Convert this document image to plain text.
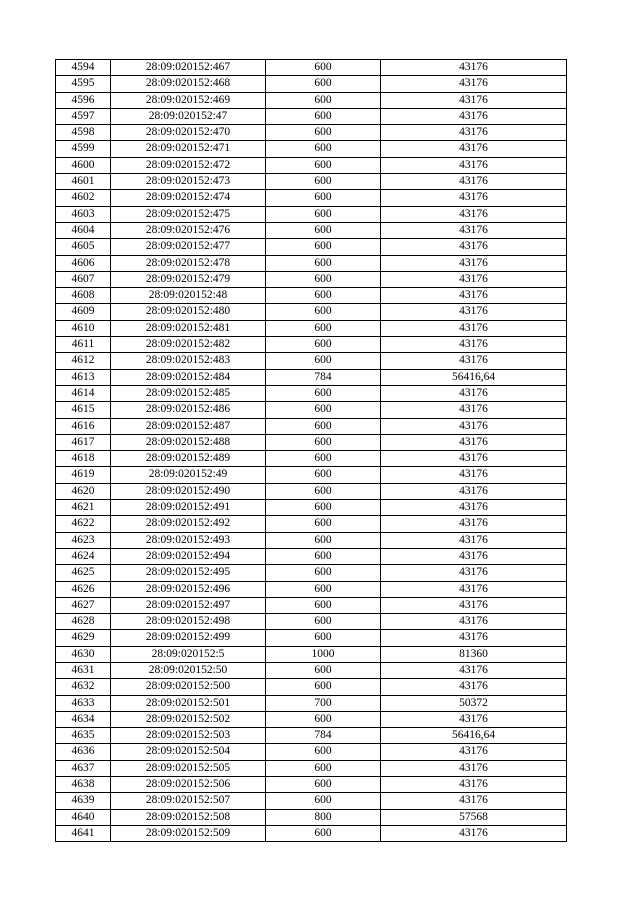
4594	28:09:020152:467	600	43176
4595	28:09:020152:468	600	43176
4596	28:09:020152:469	600	43176
4597	28:09:020152:47	600	43176
4598	28:09:020152:470	600	43176
4599	28:09:020152:471	600	43176
4600	28:09:020152:472	600	43176
4601	28:09:020152:473	600	43176
4602	28:09:020152:474	600	43176
4603	28:09:020152:475	600	43176
4604	28:09:020152:476	600	43176
4605	28:09:020152:477	600	43176
4606	28:09:020152:478	600	43176
4607	28:09:020152:479	600	43176
4608	28:09:020152:48	600	43176
4609	28:09:020152:480	600	43176
4610	28:09:020152:481	600	43176
4611	28:09:020152:482	600	43176
4612	28:09:020152:483	600	43176
4613	28:09:020152:484	784	56416,64
4614	28:09:020152:485	600	43176
4615	28:09:020152:486	600	43176
4616	28:09:020152:487	600	43176
4617	28:09:020152:488	600	43176
4618	28:09:020152:489	600	43176
4619	28:09:020152:49	600	43176
4620	28:09:020152:490	600	43176
4621	28:09:020152:491	600	43176
4622	28:09:020152:492	600	43176
4623	28:09:020152:493	600	43176
4624	28:09:020152:494	600	43176
4625	28:09:020152:495	600	43176
4626	28:09:020152:496	600	43176
4627	28:09:020152:497	600	43176
4628	28:09:020152:498	600	43176
4629	28:09:020152:499	600	43176
4630	28:09:020152:5	1000	81360
4631	28:09:020152:50	600	43176
4632	28:09:020152:500	600	43176
4633	28:09:020152:501	700	50372
4634	28:09:020152:502	600	43176
4635	28:09:020152:503	784	56416,64
4636	28:09:020152:504	600	43176
4637	28:09:020152:505	600	43176
4638	28:09:020152:506	600	43176
4639	28:09:020152:507	600	43176
4640	28:09:020152:508	800	57568
4641	28:09:020152:509	600	43176
